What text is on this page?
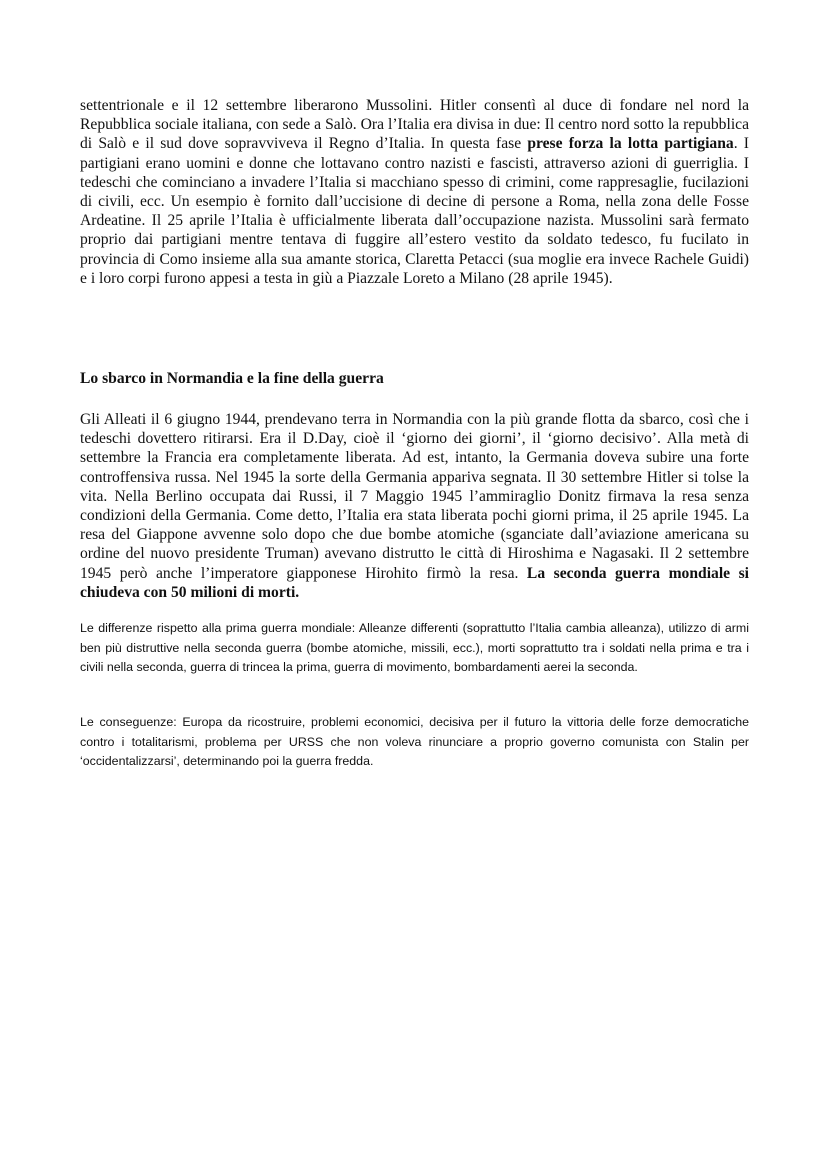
settentrionale e il 12 settembre liberarono Mussolini. Hitler consentì al duce di fondare nel nord la Repubblica sociale italiana, con sede a Salò. Ora l’Italia era divisa in due: Il centro nord sotto la repubblica di Salò e il sud dove sopravviveva il Regno d’Italia. In questa fase prese forza la lotta partigiana. I partigiani erano uomini e donne che lottavano contro nazisti e fascisti, attraverso azioni di guerriglia. I tedeschi che cominciano a invadere l’Italia si macchiano spesso di crimini, come rappresaglie, fucilazioni di civili, ecc. Un esempio è fornito dall’uccisione di decine di persone a Roma, nella zona delle Fosse Ardeatine. Il 25 aprile l’Italia è ufficialmente liberata dall’occupazione nazista. Mussolini sarà fermato proprio dai partigiani mentre tentava di fuggire all’estero vestito da soldato tedesco, fu fucilato in provincia di Como insieme alla sua amante storica, Claretta Petacci (sua moglie era invece Rachele Guidi) e i loro corpi furono appesi a testa in giù a Piazzale Loreto a Milano (28 aprile 1945).

Lo sbarco in Normandia e la fine della guerra

Gli Alleati il 6 giugno 1944, prendevano terra in Normandia con la più grande flotta da sbarco, così che i tedeschi dovettero ritirarsi. Era il D.Day, cioè il ‘giorno dei giorni’, il ‘giorno decisivo’. Alla metà di settembre la Francia era completamente liberata. Ad est, intanto, la Germania doveva subire una forte controffensiva russa. Nel 1945 la sorte della Germania appariva segnata. Il 30 settembre Hitler si tolse la vita. Nella Berlino occupata dai Russi, il 7 Maggio 1945 l’ammiraglio Donitz firmava la resa senza condizioni della Germania. Come detto, l’Italia era stata liberata pochi giorni prima, il 25 aprile 1945. La resa del Giappone avvenne solo dopo che due bombe atomiche (sganciate dall’aviazione americana su ordine del nuovo presidente Truman) avevano distrutto le città di Hiroshima e Nagasaki. Il 2 settembre 1945 però anche l’imperatore giapponese Hirohito firmò la resa. La seconda guerra mondiale si chiudeva con 50 milioni di morti.

Le differenze rispetto alla prima guerra mondiale: Alleanze differenti (soprattutto l’Italia cambia alleanza), utilizzo di armi ben più distruttive nella seconda guerra (bombe atomiche, missili, ecc.), morti soprattutto tra i soldati nella prima e tra i civili nella seconda, guerra di trincea la prima, guerra di movimento, bombardamenti aerei la seconda.

Le conseguenze: Europa da ricostruire, problemi economici, decisiva per il futuro la vittoria delle forze democratiche contro i totalitarismi, problema per URSS che non voleva rinunciare a proprio governo comunista con Stalin per ‘occidentalizzarsi’, determinando poi la guerra fredda.
